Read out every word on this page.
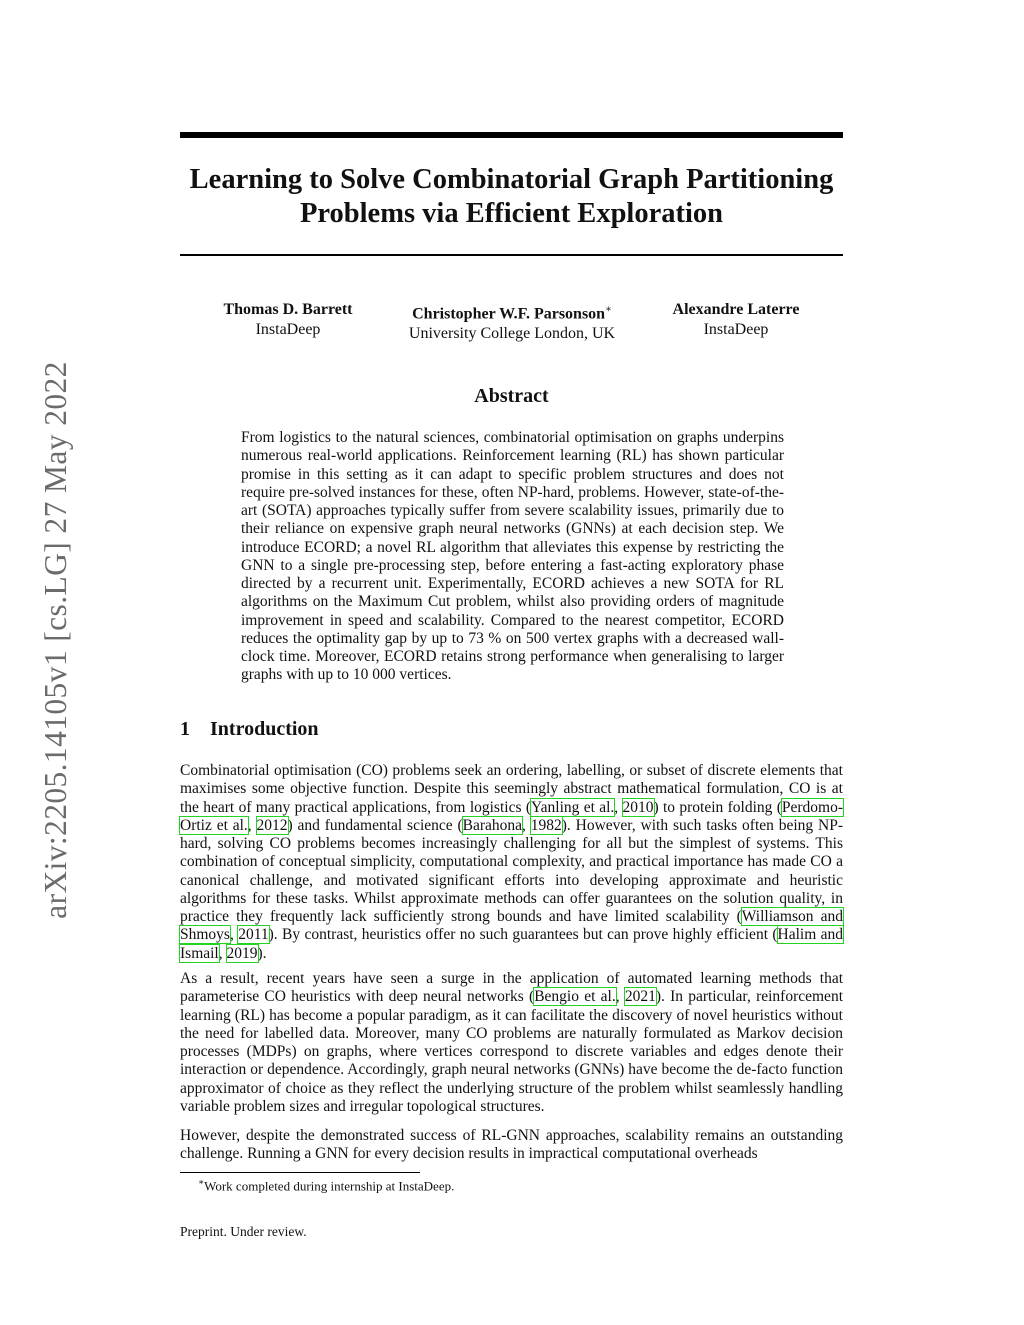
arXiv:2205.14105v1 [cs.LG] 27 May 2022
Learning to Solve Combinatorial Graph Partitioning
Problems via Efficient Exploration
Thomas D. Barrett
InstaDeep
Christopher W.F. Parsonson∗
University College London, UK
Alexandre Laterre
InstaDeep
Abstract

From logistics to the natural sciences, combinatorial optimisation on graphs underpins numerous real-world applications. Reinforcement learning (RL) has shown particular promise in this setting as it can adapt to specific problem structures and does not require pre-solved instances for these, often NP-hard, problems. However, state-of-the-art (SOTA) approaches typically suffer from severe scalability issues, primarily due to their reliance on expensive graph neural networks (GNNs) at each decision step. We introduce ECORD; a novel RL algorithm that alleviates this expense by restricting the GNN to a single pre-processing step, before entering a fast-acting exploratory phase directed by a recurrent unit. Experimentally, ECORD achieves a new SOTA for RL algorithms on the Maximum Cut problem, whilst also providing orders of magnitude improvement in speed and scalability. Compared to the nearest competitor, ECORD reduces the optimality gap by up to 73 % on 500 vertex graphs with a decreased wall-clock time. Moreover, ECORD retains strong performance when generalising to larger graphs with up to 10 000 vertices.

1 Introduction

Combinatorial optimisation (CO) problems seek an ordering, labelling, or subset of discrete elements that maximises some objective function. Despite this seemingly abstract mathematical formulation, CO is at the heart of many practical applications, from logistics (Yanling et al., 2010) to protein folding (Perdomo-Ortiz et al., 2012) and fundamental science (Barahona, 1982). However, with such tasks often being NP-hard, solving CO problems becomes increasingly challenging for all but the simplest of systems. This combination of conceptual simplicity, computational complexity, and practical importance has made CO a canonical challenge, and motivated significant efforts into developing approximate and heuristic algorithms for these tasks. Whilst approximate methods can offer guarantees on the solution quality, in practice they frequently lack sufficiently strong bounds and have limited scalability (Williamson and Shmoys, 2011). By contrast, heuristics offer no such guarantees but can prove highly efficient (Halim and Ismail, 2019).

As a result, recent years have seen a surge in the application of automated learning methods that parameterise CO heuristics with deep neural networks (Bengio et al., 2021). In particular, reinforcement learning (RL) has become a popular paradigm, as it can facilitate the discovery of novel heuristics without the need for labelled data. Moreover, many CO problems are naturally formulated as Markov decision processes (MDPs) on graphs, where vertices correspond to discrete variables and edges denote their interaction or dependence. Accordingly, graph neural networks (GNNs) have become the de-facto function approximator of choice as they reflect the underlying structure of the problem whilst seamlessly handling variable problem sizes and irregular topological structures.

However, despite the demonstrated success of RL-GNN approaches, scalability remains an outstanding challenge. Running a GNN for every decision results in impractical computational overheads

∗Work completed during internship at InstaDeep.
Preprint. Under review.
